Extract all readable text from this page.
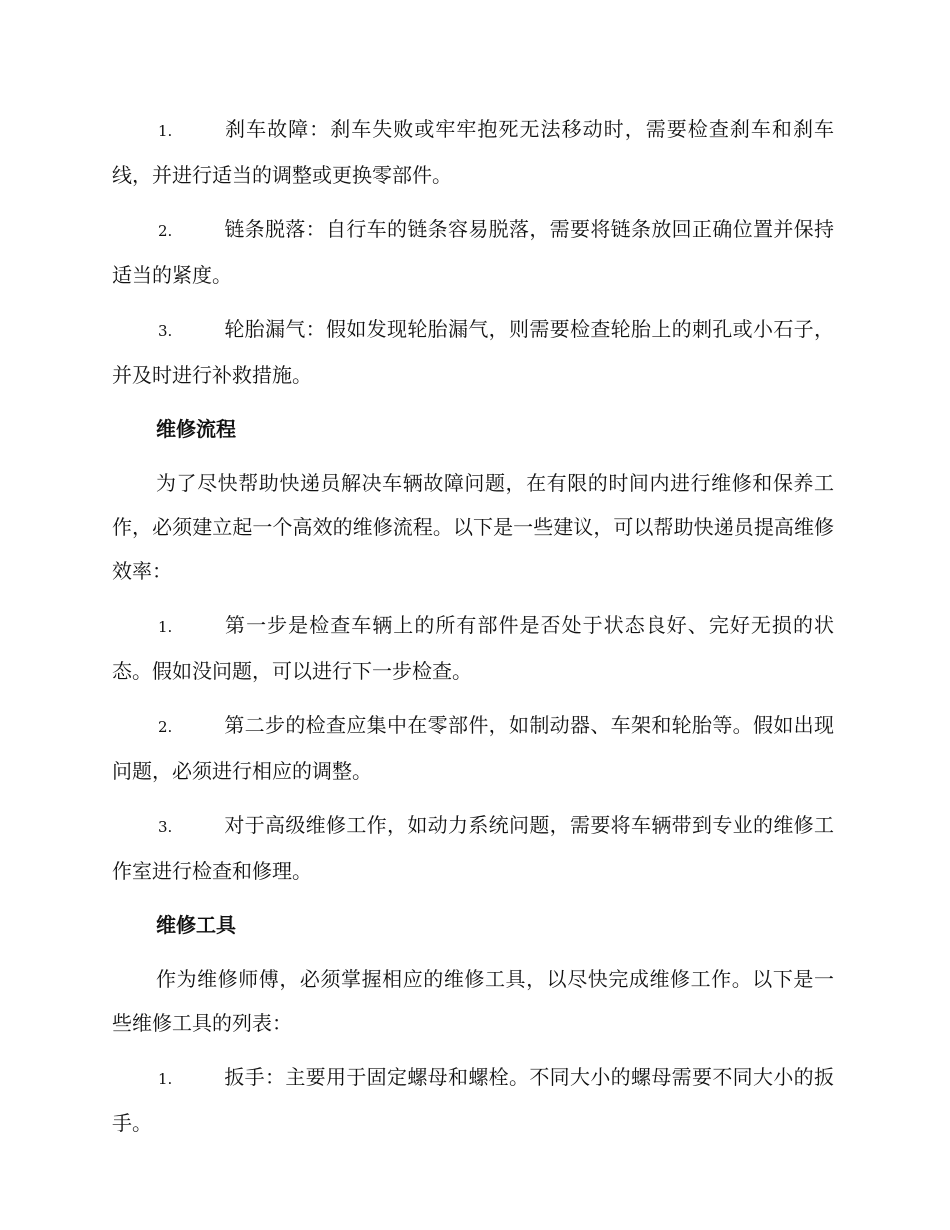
1.	刹车故障：刹车失败或牢牢抱死无法移动时，需要检查刹车和刹车线，并进行适当的调整或更换零部件。
2.	链条脱落：自行车的链条容易脱落，需要将链条放回正确位置并保持适当的紧度。
3.	轮胎漏气：假如发现轮胎漏气，则需要检查轮胎上的刺孔或小石子，并及时进行补救措施。
维修流程
为了尽快帮助快递员解决车辆故障问题，在有限的时间内进行维修和保养工作，必须建立起一个高效的维修流程。以下是一些建议，可以帮助快递员提高维修效率：
1.	第一步是检查车辆上的所有部件是否处于状态良好、完好无损的状态。假如没问题，可以进行下一步检查。
2.	第二步的检查应集中在零部件，如制动器、车架和轮胎等。假如出现问题，必须进行相应的调整。
3.	对于高级维修工作，如动力系统问题，需要将车辆带到专业的维修工作室进行检查和修理。
维修工具
作为维修师傅，必须掌握相应的维修工具，以尽快完成维修工作。以下是一些维修工具的列表：
1.	扳手：主要用于固定螺母和螺栓。不同大小的螺母需要不同大小的扳手。
